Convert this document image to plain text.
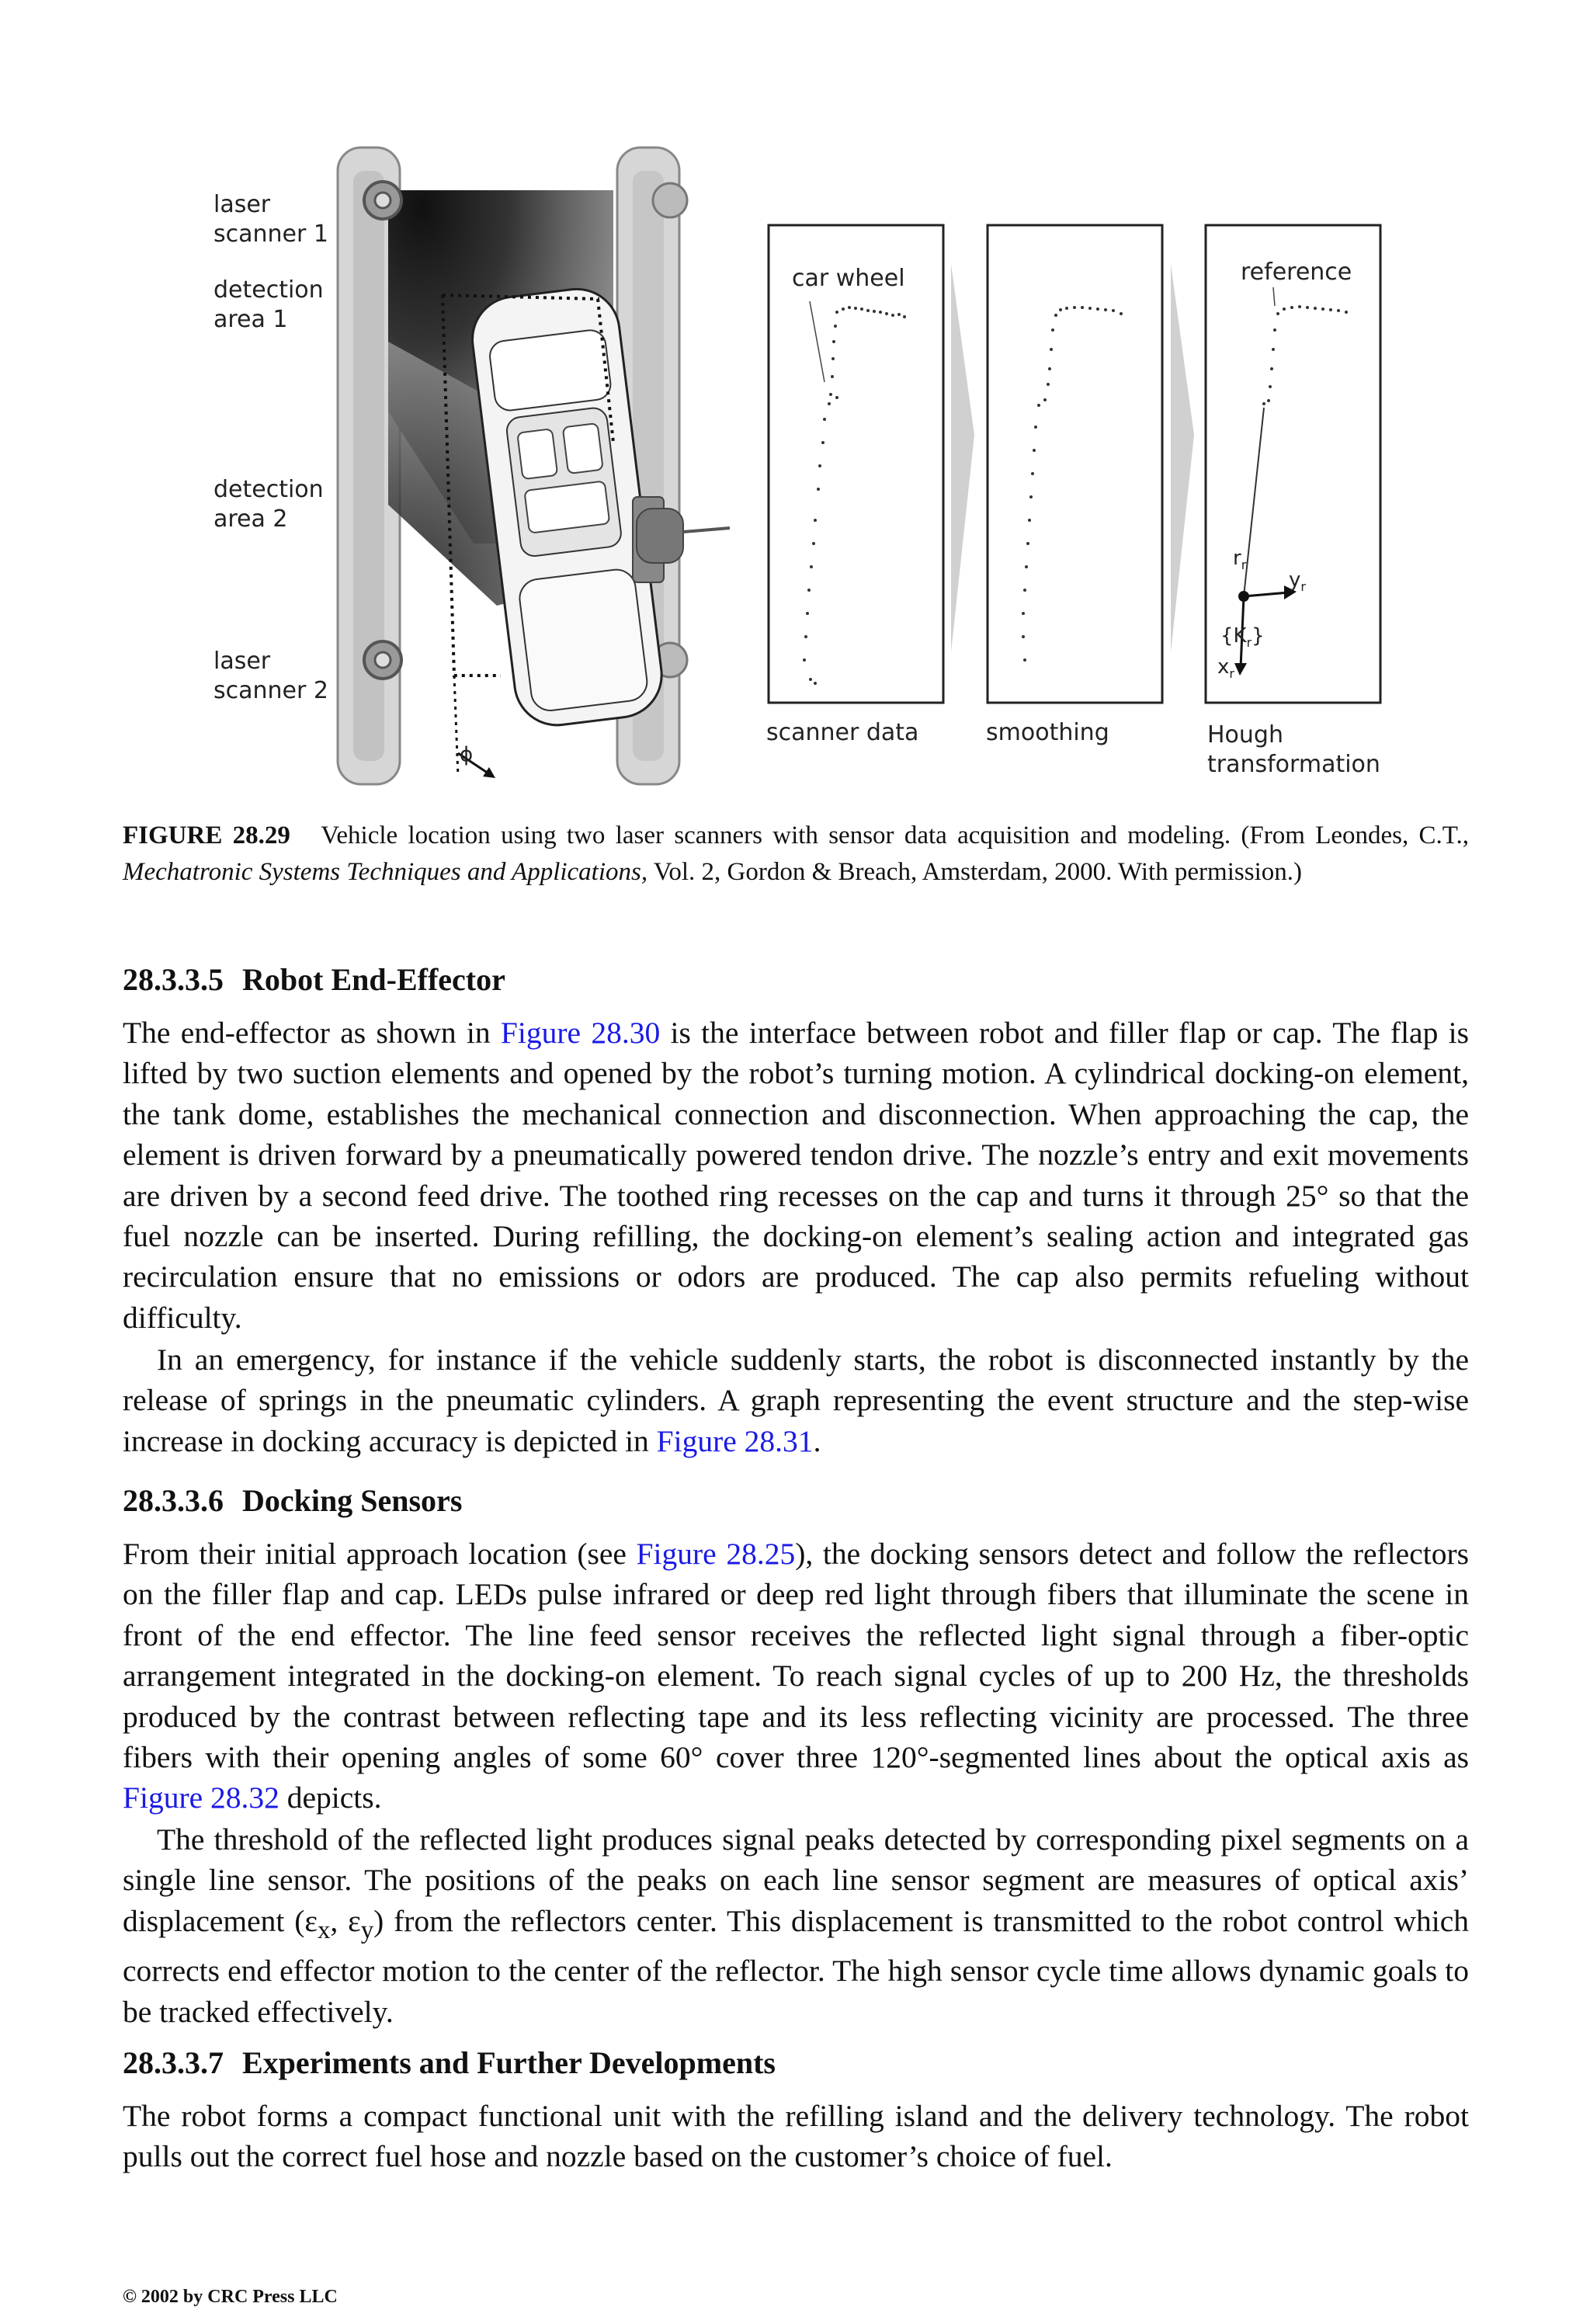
laser
scanner 1
detection
area 1
detection
area 2
laser
scanner 2
car wheel	reference
scanner data	smoothing	Hough
transformation
ϕ
$r_r$
$y_r$
$\{K_r\}$
$x_r$
FIGURE 28.29 Vehicle location using two laser scanners with sensor data acquisition and modeling. (From Leondes, C.T., Mechatronic Systems Techniques and Applications, Vol. 2, Gordon & Breach, Amsterdam, 2000. With permission.)
28.3.3.5 Robot End-Effector
The end-effector as shown in Figure 28.30 is the interface between robot and filler flap or cap. The flap is lifted by two suction elements and opened by the robot’s turning motion. A cylindrical docking-on element, the tank dome, establishes the mechanical connection and disconnection. When approaching the cap, the element is driven forward by a pneumatically powered tendon drive. The nozzle’s entry and exit movements are driven by a second feed drive. The toothed ring recesses on the cap and turns it through 25° so that the fuel nozzle can be inserted. During refilling, the docking-on element’s sealing action and integrated gas recirculation ensure that no emissions or odors are produced. The cap also permits refueling without difficulty.
In an emergency, for instance if the vehicle suddenly starts, the robot is disconnected instantly by the release of springs in the pneumatic cylinders. A graph representing the event structure and the step-wise increase in docking accuracy is depicted in Figure 28.31.
28.3.3.6 Docking Sensors
From their initial approach location (see Figure 28.25), the docking sensors detect and follow the reflectors on the filler flap and cap. LEDs pulse infrared or deep red light through fibers that illuminate the scene in front of the end effector. The line feed sensor receives the reflected light signal through a fiber-optic arrangement integrated in the docking-on element. To reach signal cycles of up to 200 Hz, the thresholds produced by the contrast between reflecting tape and its less reflecting vicinity are processed. The three fibers with their opening angles of some 60° cover three 120°-segmented lines about the optical axis as Figure 28.32 depicts.
The threshold of the reflected light produces signal peaks detected by corresponding pixel segments on a single line sensor. The positions of the peaks on each line sensor segment are measures of optical axis’ displacement ($\varepsilon_x$, $\varepsilon_y$) from the reflectors center. This displacement is transmitted to the robot control which corrects end effector motion to the center of the reflector. The high sensor cycle time allows dynamic goals to be tracked effectively.
28.3.3.7 Experiments and Further Developments
The robot forms a compact functional unit with the refilling island and the delivery technology. The robot pulls out the correct fuel hose and nozzle based on the customer’s choice of fuel.
© 2002 by CRC Press LLC
